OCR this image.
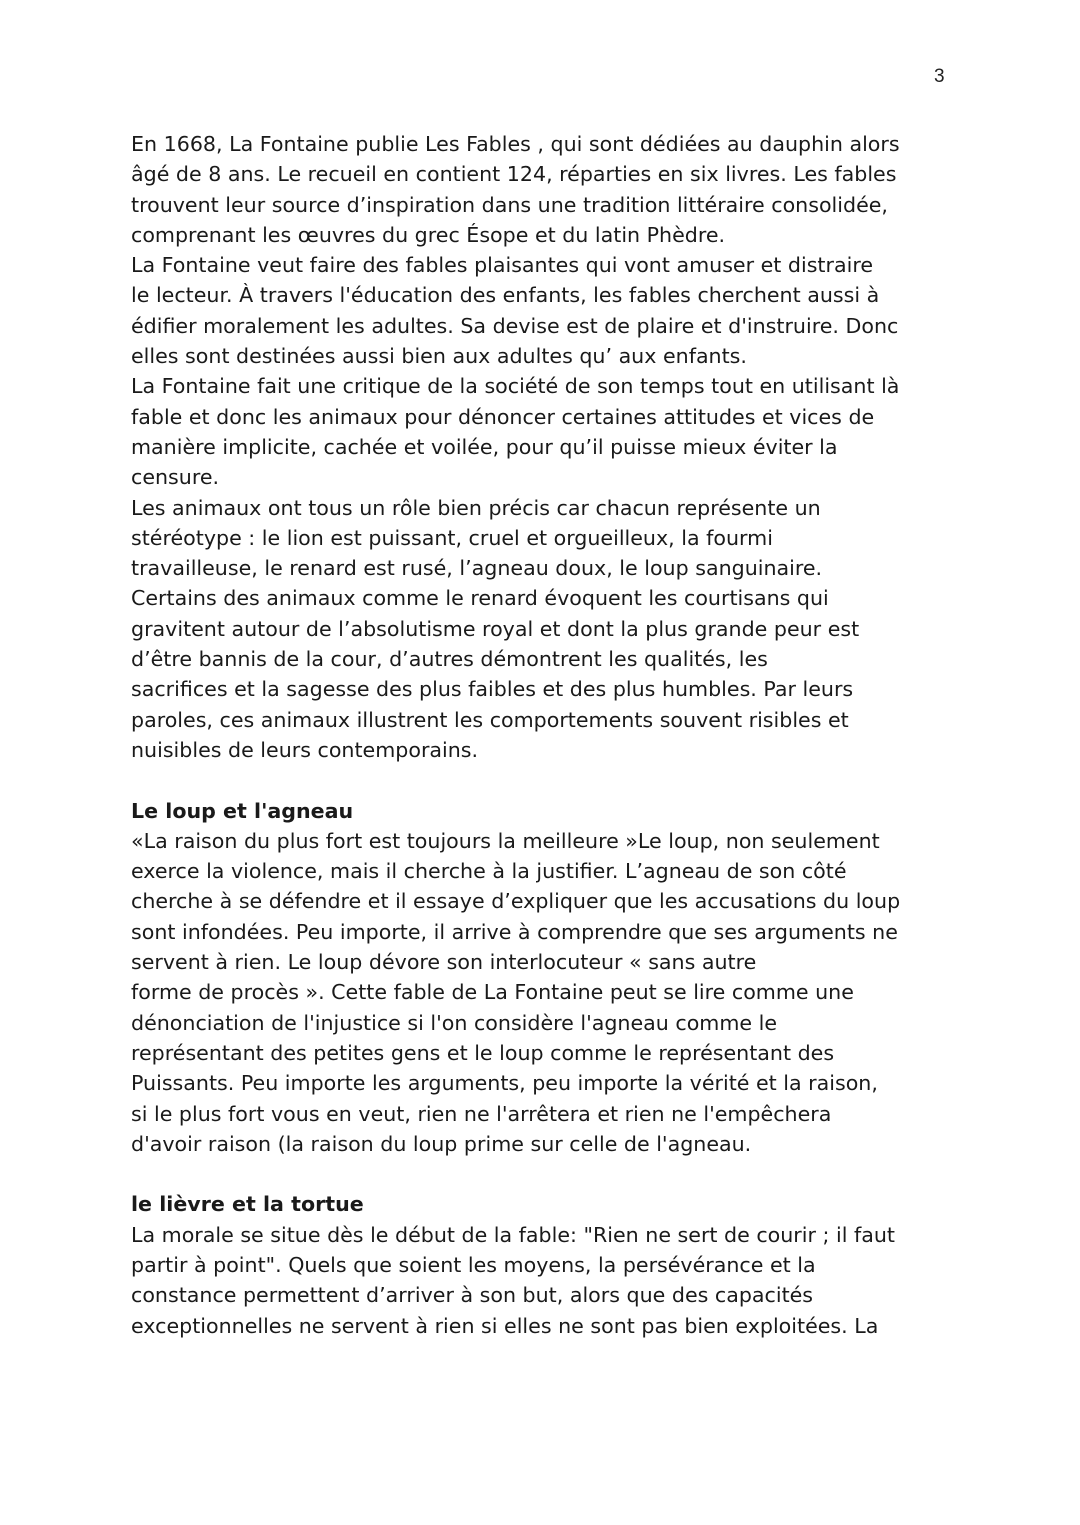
3
En 1668, La Fontaine publie Les Fables , qui sont dédiées au dauphin alors
âgé de 8 ans. Le recueil en contient 124, réparties en six livres. Les fables
trouvent leur source d’inspiration dans une tradition littéraire consolidée,
comprenant les œuvres du grec Ésope et du latin Phèdre.
La Fontaine veut faire des fables plaisantes qui vont amuser et distraire
le lecteur. À travers l'éducation des enfants, les fables cherchent aussi à
édifier moralement les adultes. Sa devise est de plaire et d'instruire. Donc
elles sont destinées aussi bien aux adultes qu’ aux enfants.
La Fontaine fait une critique de la société de son temps tout en utilisant là
fable et donc les animaux pour dénoncer certaines attitudes et vices de
manière implicite, cachée et voilée, pour qu’il puisse mieux éviter la
censure.
Les animaux ont tous un rôle bien précis car chacun représente un
stéréotype : le lion est puissant, cruel et orgueilleux, la fourmi
travailleuse, le renard est rusé, l’agneau doux, le loup sanguinaire.
Certains des animaux comme le renard évoquent les courtisans qui
gravitent autour de l’absolutisme royal et dont la plus grande peur est
d’être bannis de la cour, d’autres démontrent les qualités, les
sacrifices et la sagesse des plus faibles et des plus humbles. Par leurs
paroles, ces animaux illustrent les comportements souvent risibles et
nuisibles de leurs contemporains.
Le loup et l'agneau
«La raison du plus fort est toujours la meilleure »Le loup, non seulement
exerce la violence, mais il cherche à la justifier. L’agneau de son côté
cherche à se défendre et il essaye d’expliquer que les accusations du loup
sont infondées. Peu importe, il arrive à comprendre que ses arguments ne
servent à rien. Le loup dévore son interlocuteur « sans autre
forme de procès ». Cette fable de La Fontaine peut se lire comme une
dénonciation de l'injustice si l'on considère l'agneau comme le
représentant des petites gens et le loup comme le représentant des
Puissants. Peu importe les arguments, peu importe la vérité et la raison,
si le plus fort vous en veut, rien ne l'arrêtera et rien ne l'empêchera
d'avoir raison (la raison du loup prime sur celle de l'agneau.
le lièvre et la tortue
La morale se situe dès le début de la fable: "Rien ne sert de courir ; il faut
partir à point". Quels que soient les moyens, la persévérance et la
constance permettent d’arriver à son but, alors que des capacités
exceptionnelles ne servent à rien si elles ne sont pas bien exploitées. La
